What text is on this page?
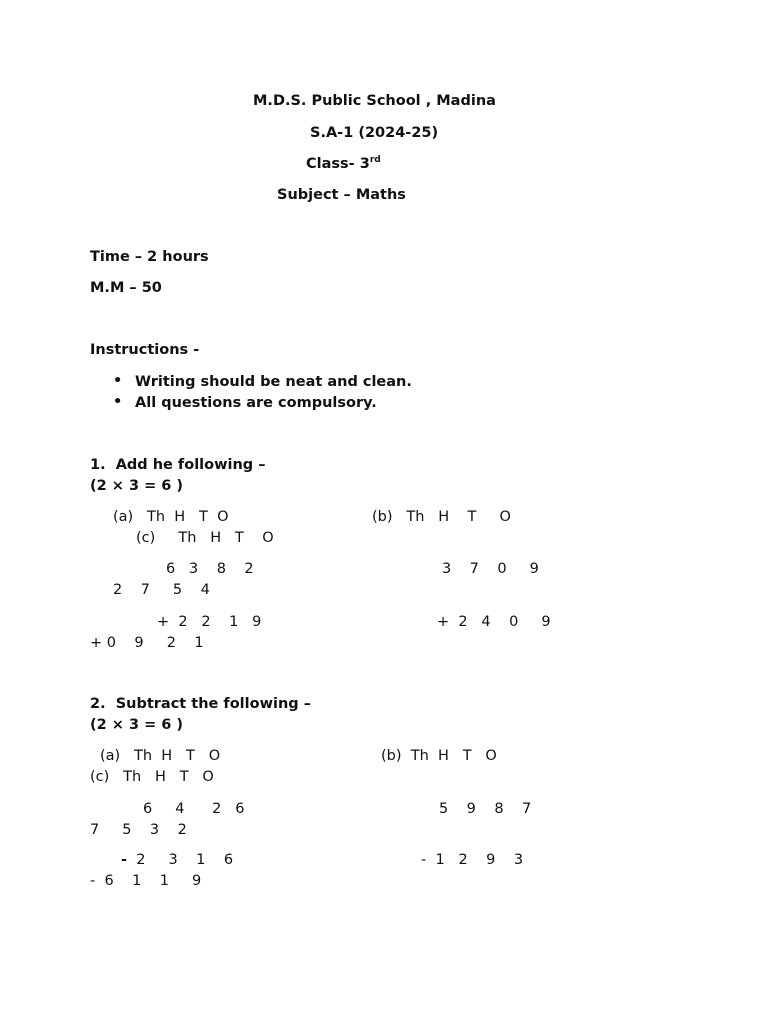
M.D.S. Public School , Madina
S.A-1 (2024-25)
Class- 3rd
Subject – Maths
Time – 2 hours
M.M – 50
Instructions -
• Writing should be neat and clean.
• All questions are compulsory.
1.  Add he following –
(2 × 3 = 6 )
(a)   Th  H   T  O	(b)   Th   H    T     O
(c)     Th   H   T    O
6   3    8    2	3    7    0     9
2    7     5    4
+  2   2    1   9	+  2   4    0     9
+ 0    9     2    1
2.  Subtract the following –
(2 × 3 = 6 )
(a)   Th  H   T   O	(b)  Th  H   T   O
(c)   Th   H   T   O
6     4      2   6	5    9    8    7
7     5    3    2
-  2     3    1    6	-  1   2    9    3
-  6    1    1     9
